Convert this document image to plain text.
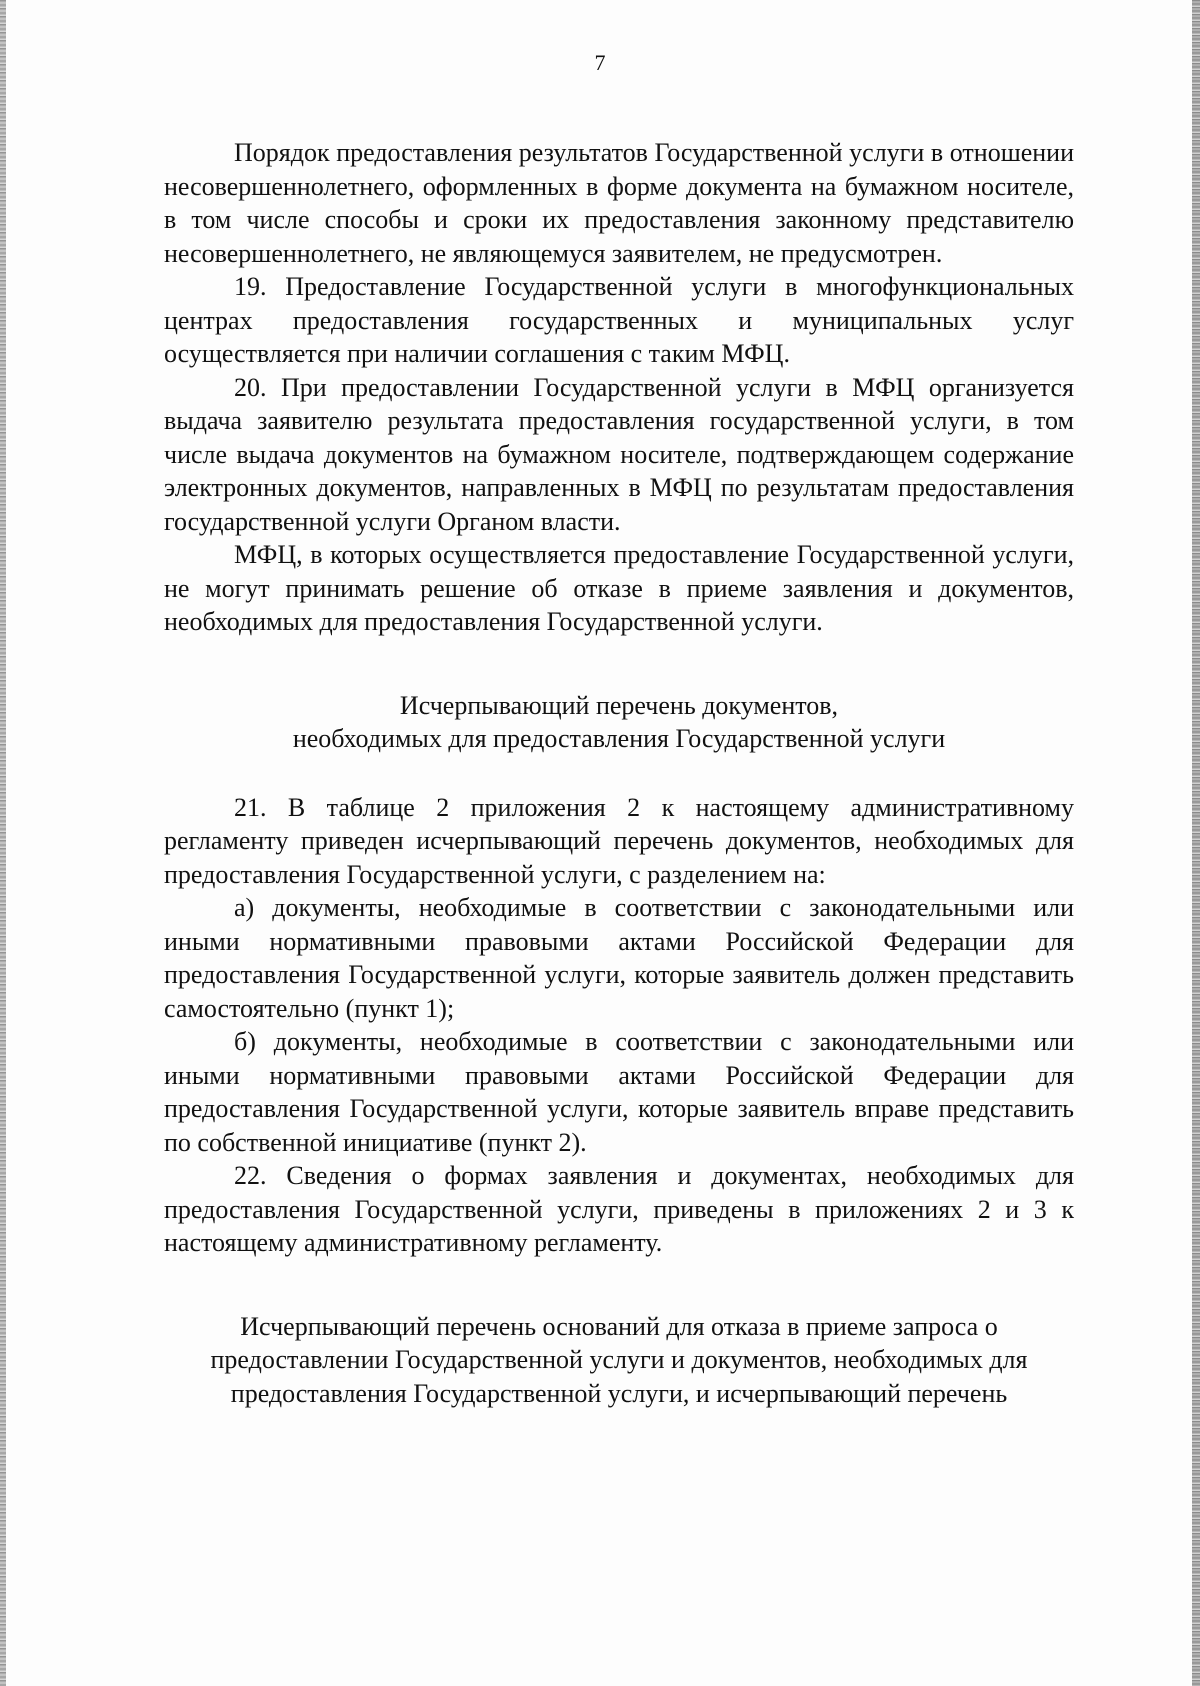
7

Порядок предоставления результатов Государственной услуги в отношении несовершеннолетнего, оформленных в форме документа на бумажном носителе, в том числе способы и сроки их предоставления законному представителю несовершеннолетнего, не являющемуся заявителем, не предусмотрен.

19. Предоставление Государственной услуги в многофункциональных центрах предоставления государственных и муниципальных услуг осуществляется при наличии соглашения с таким МФЦ.

20. При предоставлении Государственной услуги в МФЦ организуется выдача заявителю результата предоставления государственной услуги, в том числе выдача документов на бумажном носителе, подтверждающем содержание электронных документов, направленных в МФЦ по результатам предоставления государственной услуги Органом власти.

МФЦ, в которых осуществляется предоставление Государственной услуги, не могут принимать решение об отказе в приеме заявления и документов, необходимых для предоставления Государственной услуги.

Исчерпывающий перечень документов,

необходимых для предоставления Государственной услуги

21. В таблице 2 приложения 2 к настоящему административному регламенту приведен исчерпывающий перечень документов, необходимых для предоставления Государственной услуги, с разделением на:

а) документы, необходимые в соответствии с законодательными или иными нормативными правовыми актами Российской Федерации для предоставления Государственной услуги, которые заявитель должен представить самостоятельно (пункт 1);

б) документы, необходимые в соответствии с законодательными или иными нормативными правовыми актами Российской Федерации для предоставления Государственной услуги, которые заявитель вправе представить по собственной инициативе (пункт 2).

22. Сведения о формах заявления и документах, необходимых для предоставления Государственной услуги, приведены в приложениях 2 и 3 к настоящему административному регламенту.

Исчерпывающий перечень оснований для отказа в приеме запроса о

предоставлении Государственной услуги и документов, необходимых для

предоставления Государственной услуги, и исчерпывающий перечень
